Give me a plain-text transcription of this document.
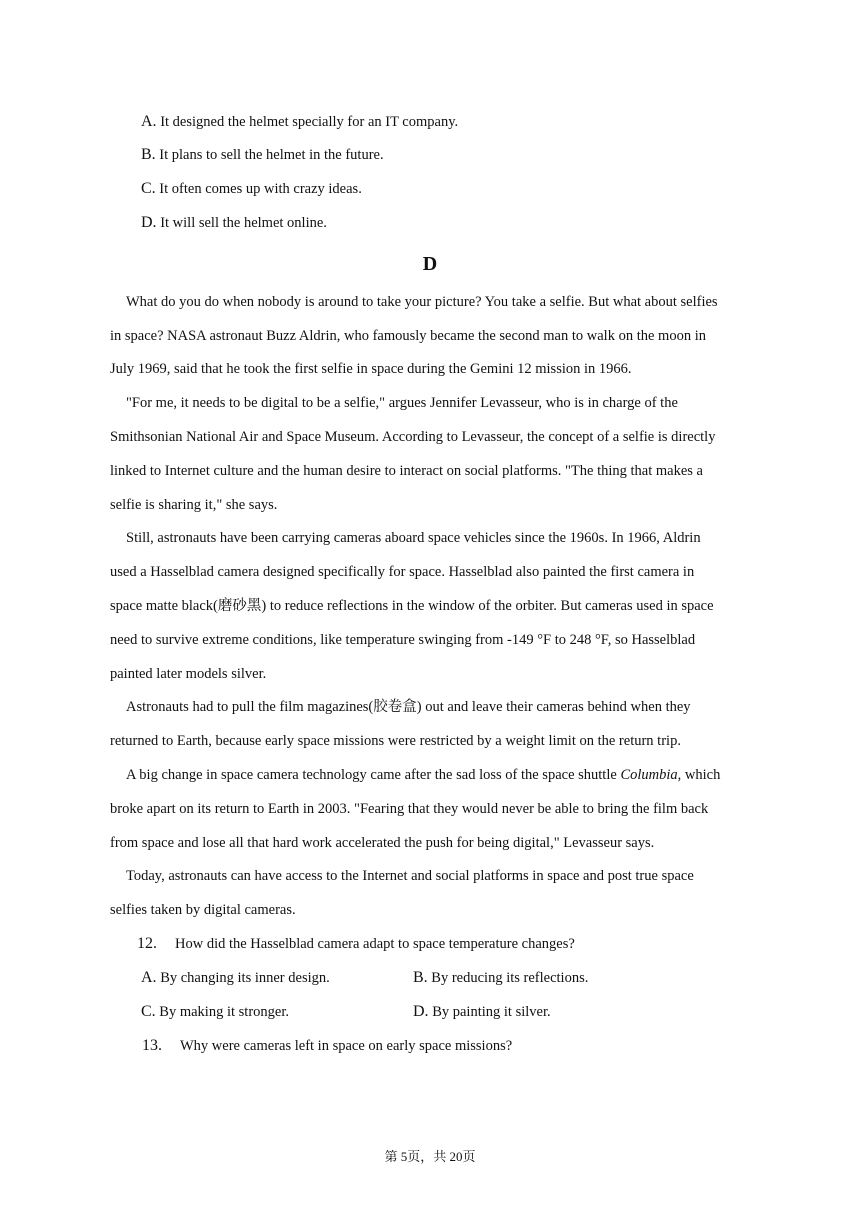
A. It designed the helmet specially for an IT company.
B. It plans to sell the helmet in the future.
C. It often comes up with crazy ideas.
D. It will sell the helmet online.
D
What do you do when nobody is around to take your picture? You take a selfie. But what about selfies
in space? NASA astronaut Buzz Aldrin, who famously became the second man to walk on the moon in
July 1969, said that he took the first selfie in space during the Gemini 12 mission in 1966.
"For me, it needs to be digital to be a selfie," argues Jennifer Levasseur, who is in charge of the
Smithsonian National Air and Space Museum. According to Levasseur, the concept of a selfie is directly
linked to Internet culture and the human desire to interact on social platforms. "The thing that makes a
selfie is sharing it," she says.
Still, astronauts have been carrying cameras aboard space vehicles since the 1960s. In 1966, Aldrin
used a Hasselblad camera designed specifically for space. Hasselblad also painted the first camera in
space matte black(磨砂黑) to reduce reflections in the window of the orbiter. But cameras used in space
need to survive extreme conditions, like temperature swinging from -149 °F to 248 °F, so Hasselblad
painted later models silver.
Astronauts had to pull the film magazines(胶卷盒) out and leave their cameras behind when they
returned to Earth, because early space missions were restricted by a weight limit on the return trip.
A big change in space camera technology came after the sad loss of the space shuttle Columbia, which
broke apart on its return to Earth in 2003. "Fearing that they would never be able to bring the film back
from space and lose all that hard work accelerated the push for being digital," Levasseur says.
Today, astronauts can have access to the Internet and social platforms in space and post true space
selfies taken by digital cameras.
12. How did the Hasselblad camera adapt to space temperature changes?
A. By changing its inner design.	B. By reducing its reflections.
C. By making it stronger.	D. By painting it silver.
13. Why were cameras left in space on early space missions?
第 5页，共 20页
